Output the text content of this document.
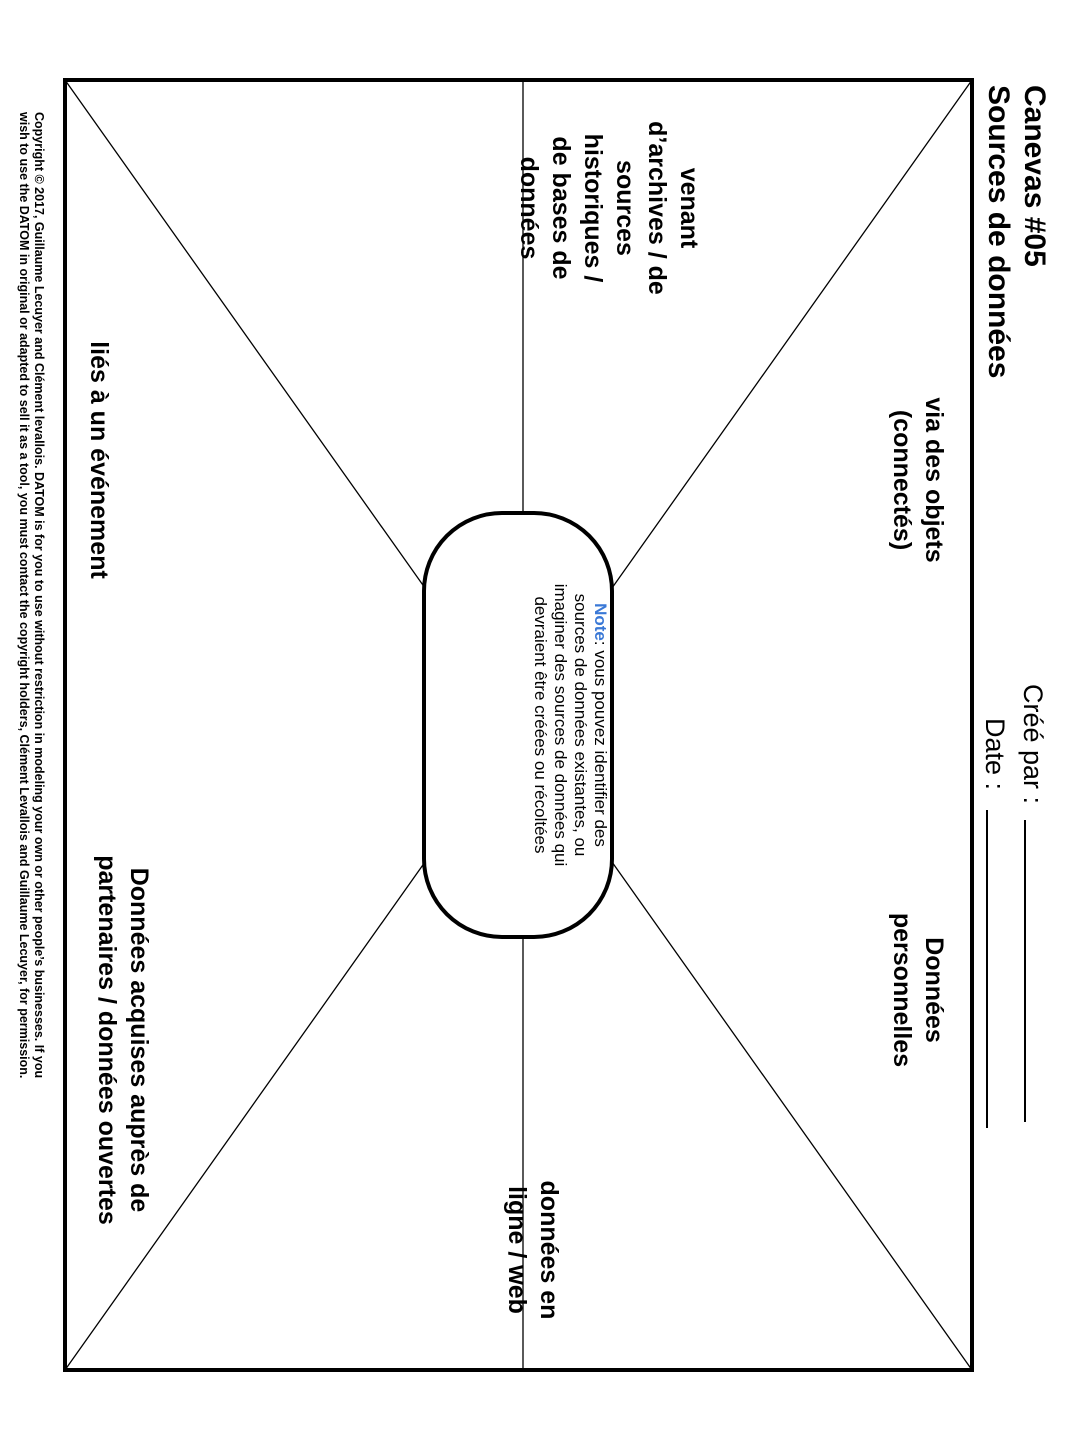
Canevas #05
Sources de données
Créé par :
Date :
via des objets (connectés)
Données personnelles
venant d’archives / de sources historiques / de bases de données
données en ligne / web
liés à un événement
Données acquises auprès de partenaires / données ouvertes
Note: vous pouvez identifier des sources de données existantes, ou imaginer des sources de données qui devraient être créées ou récoltées
Copyright © 2017, Guillaume Lecuyer and Clément levallois. DATOM is for you to use without restriction in modeling your own or other people’s businesses. If you
wish to use the DATOM in original or adapted to sell it as a tool, you must contact the copyright holders, Clément Levallois and Guillaume Lecuyer, for permission.
